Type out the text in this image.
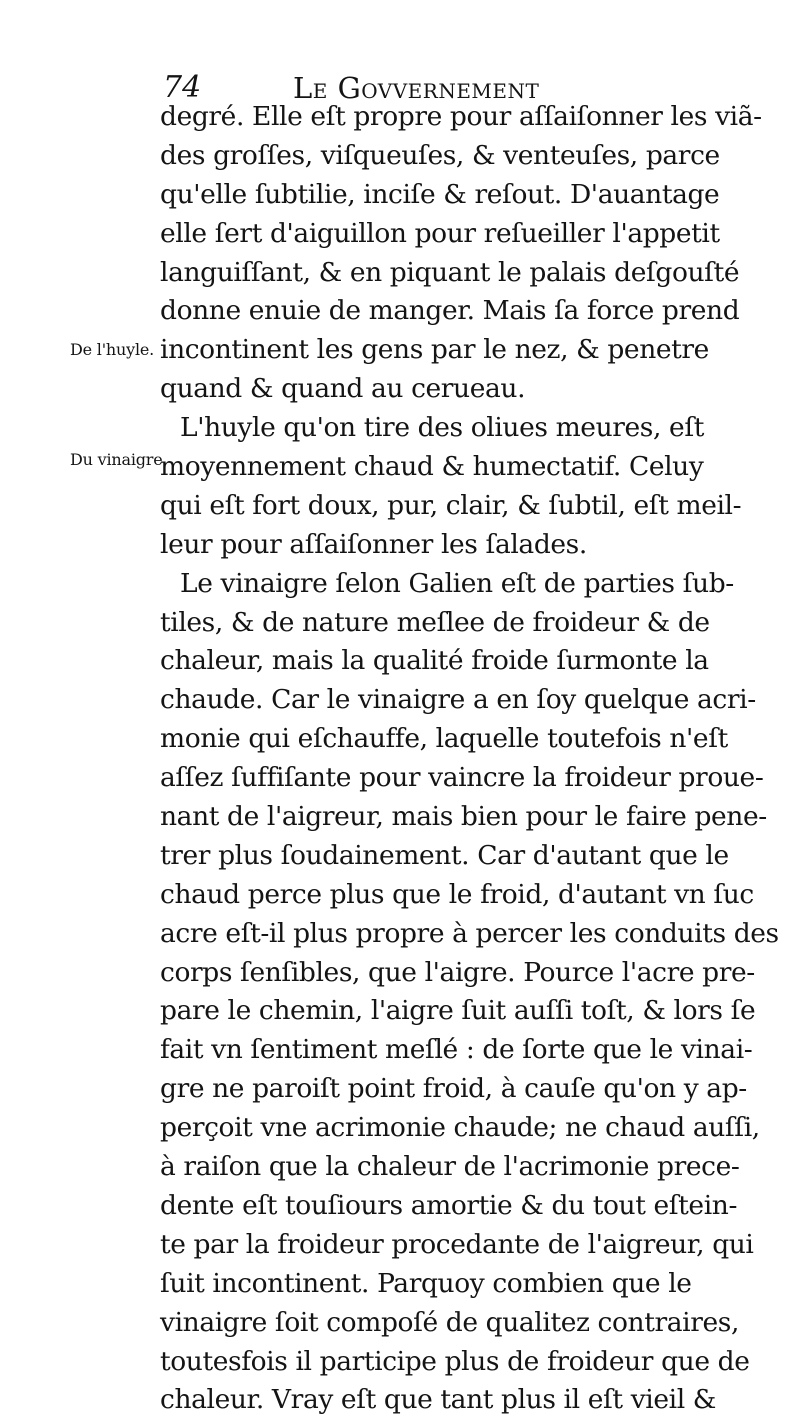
74	Le Govvernement
De l'huyle.
Du vinaigre.
degré. Elle eſt propre pour aſſaiſonner les viã-
des groſſes, viſqueuſes, & venteuſes, parce
qu'elle ſubtilie, inciſe & reſout. D'auantage
elle ſert d'aiguillon pour reſueiller l'appetit
languiſſant, & en piquant le palais deſgouſté
donne enuie de manger. Mais ſa force prend
incontinent les gens par le nez, & penetre
quand & quand au cerueau.
L'huyle qu'on tire des oliues meures, eſt
moyennement chaud & humectatif. Celuy
qui eſt fort doux, pur, clair, & ſubtil, eſt meil-
leur pour aſſaiſonner les ſalades.
Le vinaigre ſelon Galien eſt de parties ſub-
tiles, & de nature meſlee de froideur & de
chaleur, mais la qualité froide ſurmonte la
chaude. Car le vinaigre a en ſoy quelque acri-
monie qui eſchauffe, laquelle toutefois n'eſt
aſſez ſuffiſante pour vaincre la froideur proue-
nant de l'aigreur, mais bien pour le faire pene-
trer plus ſoudainement. Car d'autant que le
chaud perce plus que le froid, d'autant vn ſuc
acre eſt-il plus propre à percer les conduits des
corps ſenſibles, que l'aigre. Pource l'acre pre-
pare le chemin, l'aigre ſuit auſſi toſt, & lors ſe
fait vn ſentiment meſlé : de ſorte que le vinai-
gre ne paroiſt point froid, à cauſe qu'on y ap-
perçoit vne acrimonie chaude; ne chaud auſſi,
à raiſon que la chaleur de l'acrimonie prece-
dente eſt touſiours amortie & du tout eſtein-
te par la froideur procedante de l'aigreur, qui
ſuit incontinent. Parquoy combien que le
vinaigre ſoit compoſé de qualitez contraires,
toutesfois il participe plus de froideur que de
chaleur. Vray eſt que tant plus il eſt vieil &
